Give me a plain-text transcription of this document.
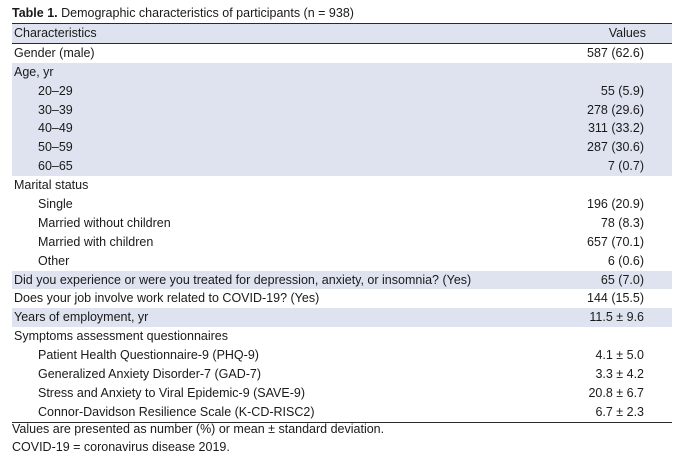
Table 1. Demographic characteristics of participants (n = 938)
Characteristics	Values
Gender (male)	587 (62.6)
Age, yr
20–29	55 (5.9)
30–39	278 (29.6)
40–49	311 (33.2)
50–59	287 (30.6)
60–65	7 (0.7)
Marital status
Single	196 (20.9)
Married without children	78 (8.3)
Married with children	657 (70.1)
Other	6 (0.6)
Did you experience or were you treated for depression, anxiety, or insomnia? (Yes)	65 (7.0)
Does your job involve work related to COVID-19? (Yes)	144 (15.5)
Years of employment, yr	11.5 ± 9.6
Symptoms assessment questionnaires
Patient Health Questionnaire-9 (PHQ-9)	4.1 ± 5.0
Generalized Anxiety Disorder-7 (GAD-7)	3.3 ± 4.2
Stress and Anxiety to Viral Epidemic-9 (SAVE-9)	20.8 ± 6.7
Connor-Davidson Resilience Scale (K-CD-RISC2)	6.7 ± 2.3
Values are presented as number (%) or mean ± standard deviation.
COVID-19 = coronavirus disease 2019.
